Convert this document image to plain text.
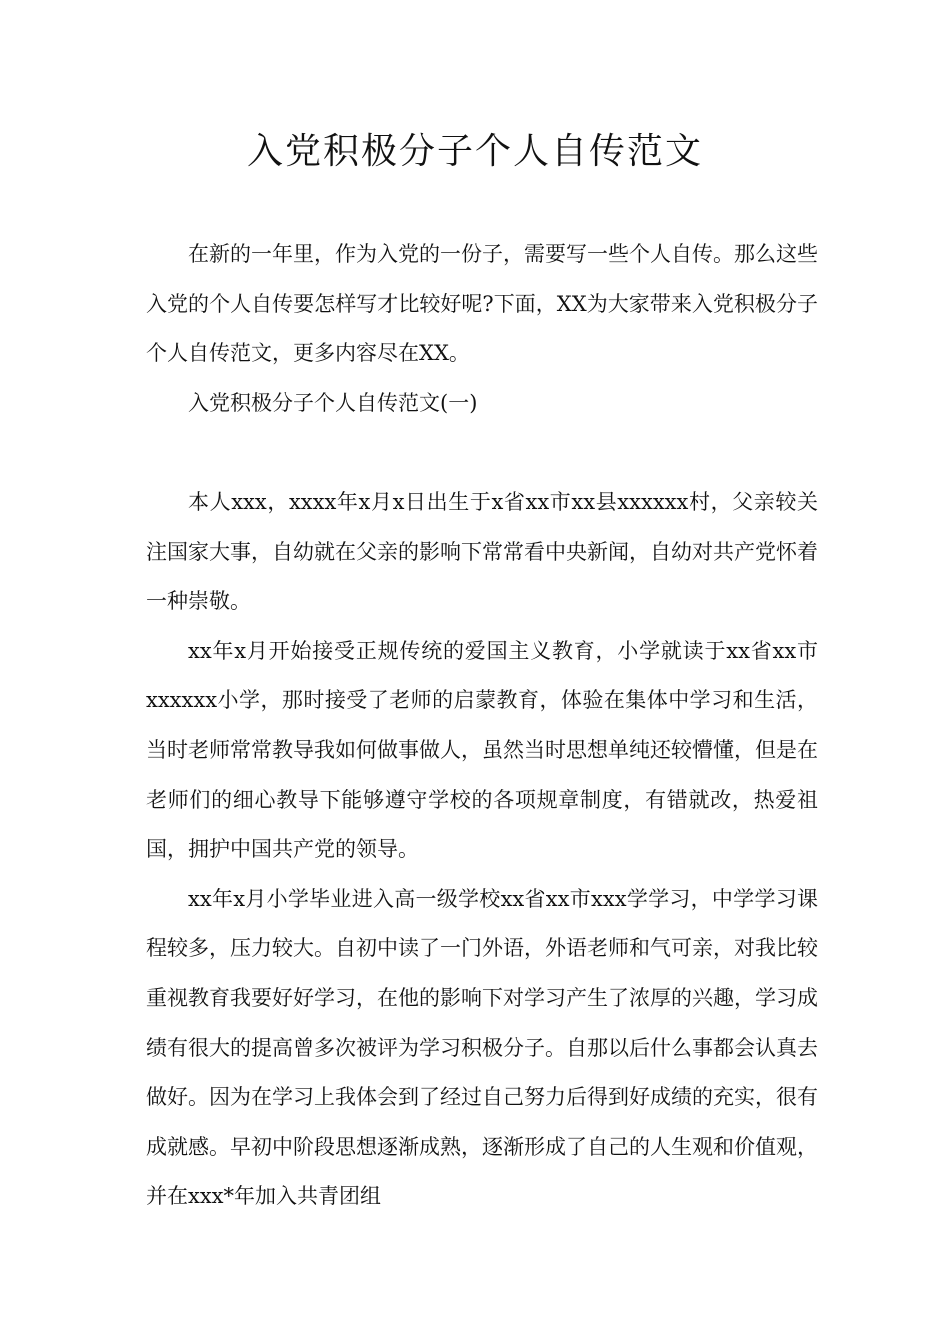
入党积极分子个人自传范文

在新的一年里，作为入党的一份子，需要写一些个人自传。那么这些入党的个人自传要怎样写才比较好呢?下面，XX为大家带来入党积极分子个人自传范文，更多内容尽在XX。

入党积极分子个人自传范文(一)

本人xxx，xxxx年x月x日出生于x省xx市xx县xxxxxx村，父亲较关注国家大事，自幼就在父亲的影响下常常看中央新闻，自幼对共产党怀着一种崇敬。

xx年x月开始接受正规传统的爱国主义教育，小学就读于xx省xx市xxxxxx小学，那时接受了老师的启蒙教育，体验在集体中学习和生活，当时老师常常教导我如何做事做人，虽然当时思想单纯还较懵懂，但是在老师们的细心教导下能够遵守学校的各项规章制度，有错就改，热爱祖国，拥护中国共产党的领导。

xx年x月小学毕业进入高一级学校xx省xx市xxx学学习，中学学习课程较多，压力较大。自初中读了一门外语，外语老师和气可亲，对我比较重视教育我要好好学习，在他的影响下对学习产生了浓厚的兴趣，学习成绩有很大的提高曾多次被评为学习积极分子。自那以后什么事都会认真去做好。因为在学习上我体会到了经过自己努力后得到好成绩的充实，很有成就感。早初中阶段思想逐渐成熟，逐渐形成了自己的人生观和价值观，并在xxx*年加入共青团组
